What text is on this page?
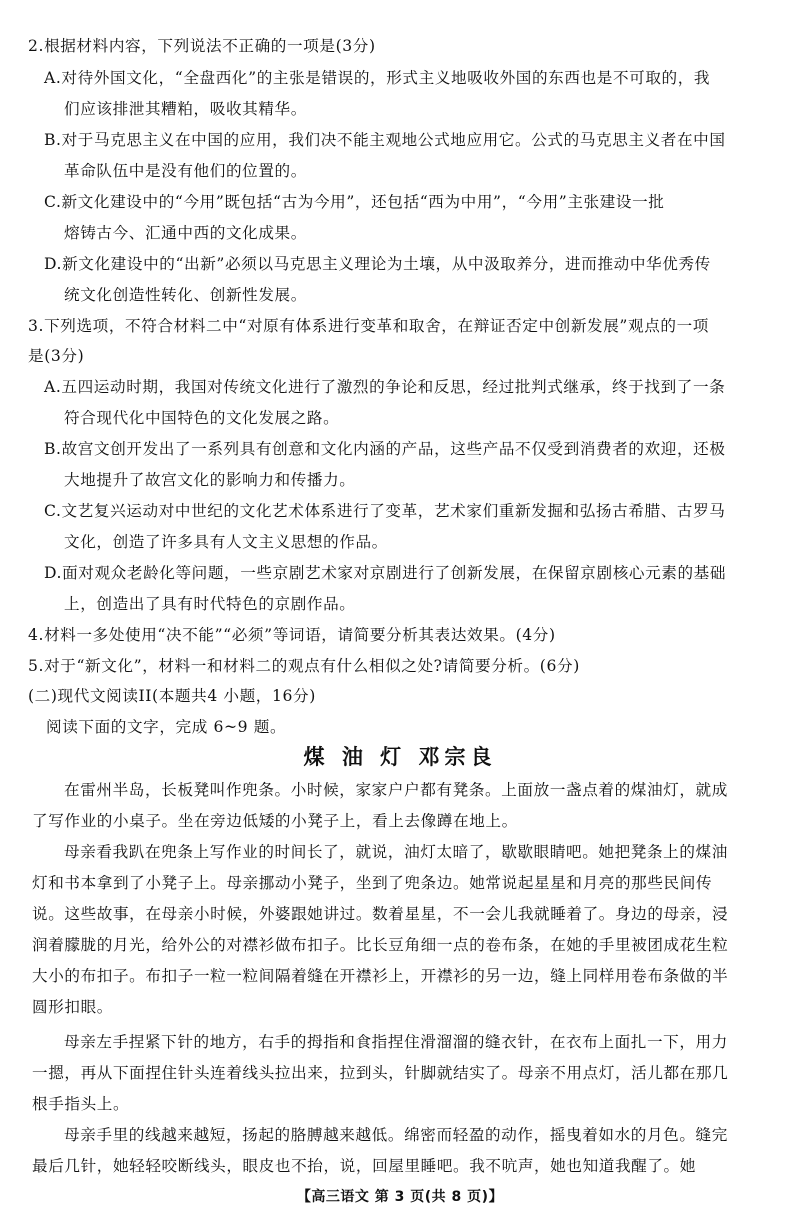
2.根据材料内容，下列说法不正确的一项是(3分)
A.对待外国文化，“全盘西化”的主张是错误的，形式主义地吸收外国的东西也是不可取的，我
们应该排泄其糟粕，吸收其精华。
B.对于马克思主义在中国的应用，我们决不能主观地公式地应用它。公式的马克思主义者在中国
革命队伍中是没有他们的位置的。
C.新文化建设中的“今用”既包括“古为今用”，还包括“西为中用”，“今用”主张建设一批
熔铸古今、汇通中西的文化成果。
D.新文化建设中的“出新”必须以马克思主义理论为土壤，从中汲取养分，进而推动中华优秀传
统文化创造性转化、创新性发展。
3.下列选项，不符合材料二中“对原有体系进行变革和取舍，在辩证否定中创新发展”观点的一项
是(3分)
A.五四运动时期，我国对传统文化进行了激烈的争论和反思，经过批判式继承，终于找到了一条
符合现代化中国特色的文化发展之路。
B.故宫文创开发出了一系列具有创意和文化内涵的产品，这些产品不仅受到消费者的欢迎，还极
大地提升了故宫文化的影响力和传播力。
C.文艺复兴运动对中世纪的文化艺术体系进行了变革，艺术家们重新发掘和弘扬古希腊、古罗马
文化，创造了许多具有人文主义思想的作品。
D.面对观众老龄化等问题，一些京剧艺术家对京剧进行了创新发展，在保留京剧核心元素的基础
上，创造出了具有时代特色的京剧作品。
4.材料一多处使用“决不能”“必须”等词语，请简要分析其表达效果。(4分)
5.对于“新文化”，材料一和材料二的观点有什么相似之处?请简要分析。(6分)
(二)现代文阅读II(本题共4 小题，16分)
阅读下面的文字，完成 6~9 题。
煤 油 灯 邓宗良
在雷州半岛，长板凳叫作兜条。小时候，家家户户都有凳条。上面放一盏点着的煤油灯，就成
了写作业的小桌子。坐在旁边低矮的小凳子上，看上去像蹲在地上。
母亲看我趴在兜条上写作业的时间长了，就说，油灯太暗了，歇歇眼睛吧。她把凳条上的煤油
灯和书本拿到了小凳子上。母亲挪动小凳子，坐到了兜条边。她常说起星星和月亮的那些民间传
说。这些故事，在母亲小时候，外婆跟她讲过。数着星星，不一会儿我就睡着了。身边的母亲，浸
润着朦胧的月光，给外公的对襟衫做布扣子。比长豆角细一点的卷布条，在她的手里被团成花生粒
大小的布扣子。布扣子一粒一粒间隔着缝在开襟衫上，开襟衫的另一边，缝上同样用卷布条做的半
圆形扣眼。
母亲左手捏紧下针的地方，右手的拇指和食指捏住滑溜溜的缝衣针，在衣布上面扎一下，用力
一摁，再从下面捏住针头连着线头拉出来，拉到头，针脚就结实了。母亲不用点灯，活儿都在那几
根手指头上。
母亲手里的线越来越短，扬起的胳膊越来越低。绵密而轻盈的动作，摇曳着如水的月色。缝完
最后几针，她轻轻咬断线头，眼皮也不抬，说，回屋里睡吧。我不吭声，她也知道我醒了。她
【高三语文 第 3 页(共 8 页)】
